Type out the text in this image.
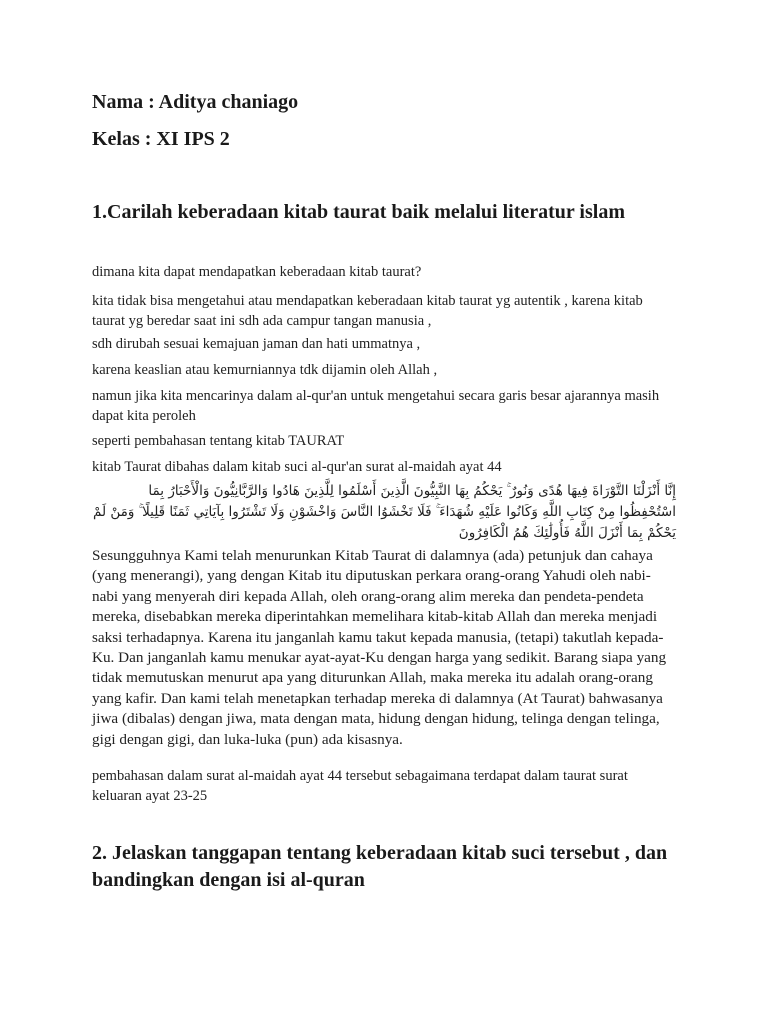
Nama : Aditya chaniago
Kelas : XI IPS 2
1.Carilah keberadaan kitab taurat baik melalui literatur islam
dimana kita dapat mendapatkan keberadaan kitab taurat?
kita tidak bisa mengetahui atau mendapatkan keberadaan kitab taurat yg autentik , karena kitab taurat yg beredar saat ini sdh ada campur tangan manusia ,
sdh dirubah sesuai kemajuan jaman dan hati ummatnya ,
karena keaslian atau kemurniannya tdk dijamin oleh Allah ,
namun jika kita mencarinya dalam al-qur'an untuk mengetahui secara garis besar ajarannya masih dapat kita peroleh
seperti pembahasan tentang kitab TAURAT
kitab Taurat dibahas dalam kitab suci al-qur'an surat al-maidah ayat 44
إِنَّا أَنْزَلْنَا التَّوْرَاةَ فِيهَا هُدًى وَنُورٌ ۚ يَحْكُمُ بِهَا النَّبِيُّونَ الَّذِينَ أَسْلَمُوا لِلَّذِينَ هَادُوا وَالرَّبَّانِيُّونَ وَالْأَحْبَارُ بِمَا اسْتُحْفِظُوا مِنْ كِتَابِ اللَّهِ وَكَانُوا عَلَيْهِ شُهَدَاءَ ۚ فَلَا تَخْشَوُا النَّاسَ وَاخْشَوْنِ وَلَا تَشْتَرُوا بِآيَاتِي ثَمَنًا قَلِيلًا ۚ وَمَنْ لَمْ يَحْكُمْ بِمَا أَنْزَلَ اللَّهُ فَأُولَٰئِكَ هُمُ الْكَافِرُونَ
Sesungguhnya Kami telah menurunkan Kitab Taurat di dalamnya (ada) petunjuk dan cahaya (yang menerangi), yang dengan Kitab itu diputuskan perkara orang-orang Yahudi oleh nabi-nabi yang menyerah diri kepada Allah, oleh orang-orang alim mereka dan pendeta-pendeta mereka, disebabkan mereka diperintahkan memelihara kitab-kitab Allah dan mereka menjadi saksi terhadapnya. Karena itu janganlah kamu takut kepada manusia, (tetapi) takutlah kepada-Ku. Dan janganlah kamu menukar ayat-ayat-Ku dengan harga yang sedikit. Barang siapa yang tidak memutuskan menurut apa yang diturunkan Allah, maka mereka itu adalah orang-orang yang kafir. Dan kami telah menetapkan terhadap mereka di dalamnya (At Taurat) bahwasanya jiwa (dibalas) dengan jiwa, mata dengan mata, hidung dengan hidung, telinga dengan telinga, gigi dengan gigi, dan luka-luka (pun) ada kisasnya.
pembahasan dalam surat al-maidah ayat 44 tersebut sebagaimana terdapat dalam taurat surat keluaran ayat 23-25
2. Jelaskan tanggapan tentang keberadaan kitab suci tersebut , dan bandingkan dengan isi al-quran
